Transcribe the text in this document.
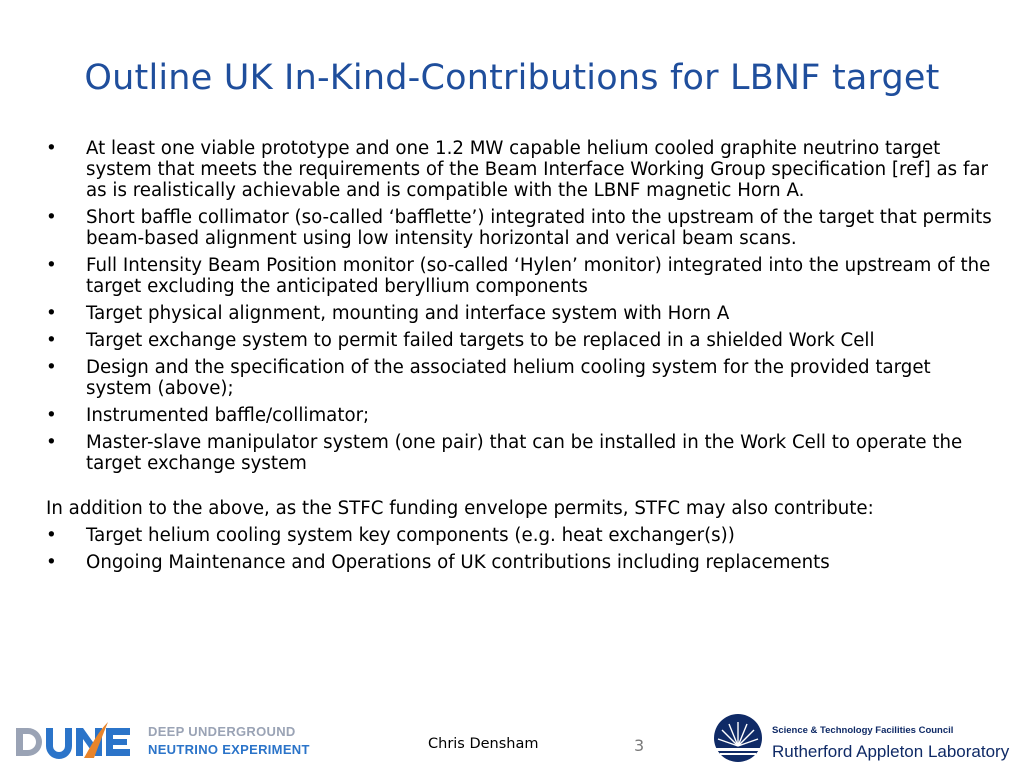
Outline UK In-Kind-Contributions for LBNF target
•	At least one viable prototype and one 1.2 MW capable helium cooled graphite neutrino target system that meets the requirements of the Beam Interface Working Group specification [ref] as far as is realistically achievable and is compatible with the LBNF magnetic Horn A.
•	Short baffle collimator (so-called ‘bafflette’) integrated into the upstream of the target that permits beam-based alignment using low intensity horizontal and verical beam scans.
•	Full Intensity Beam Position monitor (so-called ‘Hylen’ monitor) integrated into the upstream of the target excluding the anticipated beryllium components
•	Target physical alignment, mounting and interface system with Horn A
•	Target exchange system to permit failed targets to be replaced in a shielded Work Cell
•	Design and the specification of the associated helium cooling system for the provided target system (above);
•	Instrumented baffle/collimator;
•	Master-slave manipulator system (one pair) that can be installed in the Work Cell to operate the target exchange system

In addition to the above, as the STFC funding envelope permits, STFC may also contribute:

•	Target helium cooling system key components (e.g. heat exchanger(s))
•	Ongoing Maintenance and Operations of UK contributions including replacements
DEEP UNDERGROUND
NEUTRINO EXPERIMENT	Chris Densham	3
Science & Technology Facilities Council
Rutherford Appleton Laboratory
